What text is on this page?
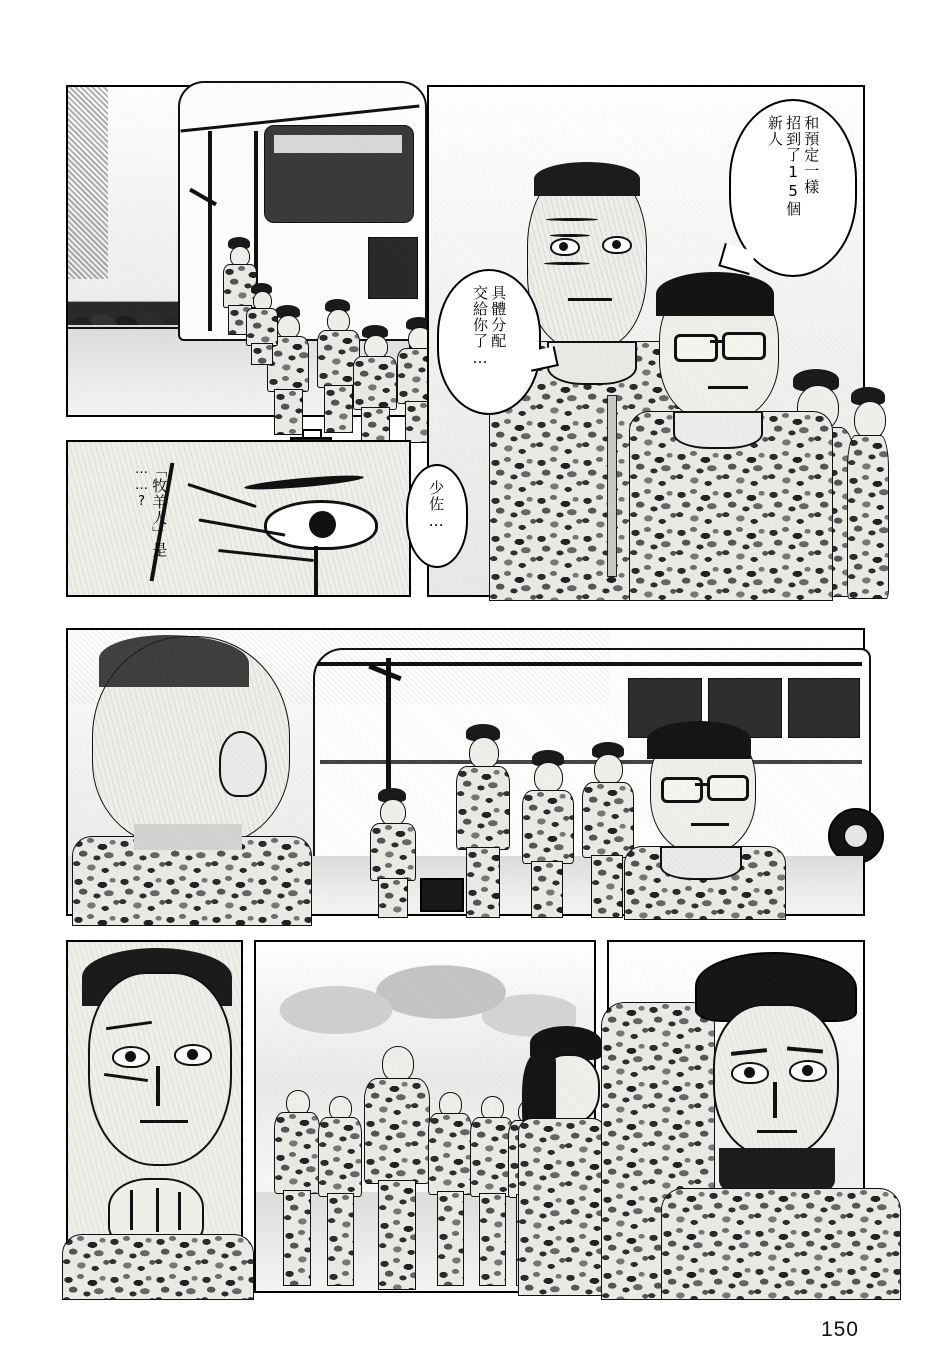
和預定一樣
招到了15個
新人
具體分配
交給你了…
少佐…
「牧羊人」是
……?
＼＼
150
